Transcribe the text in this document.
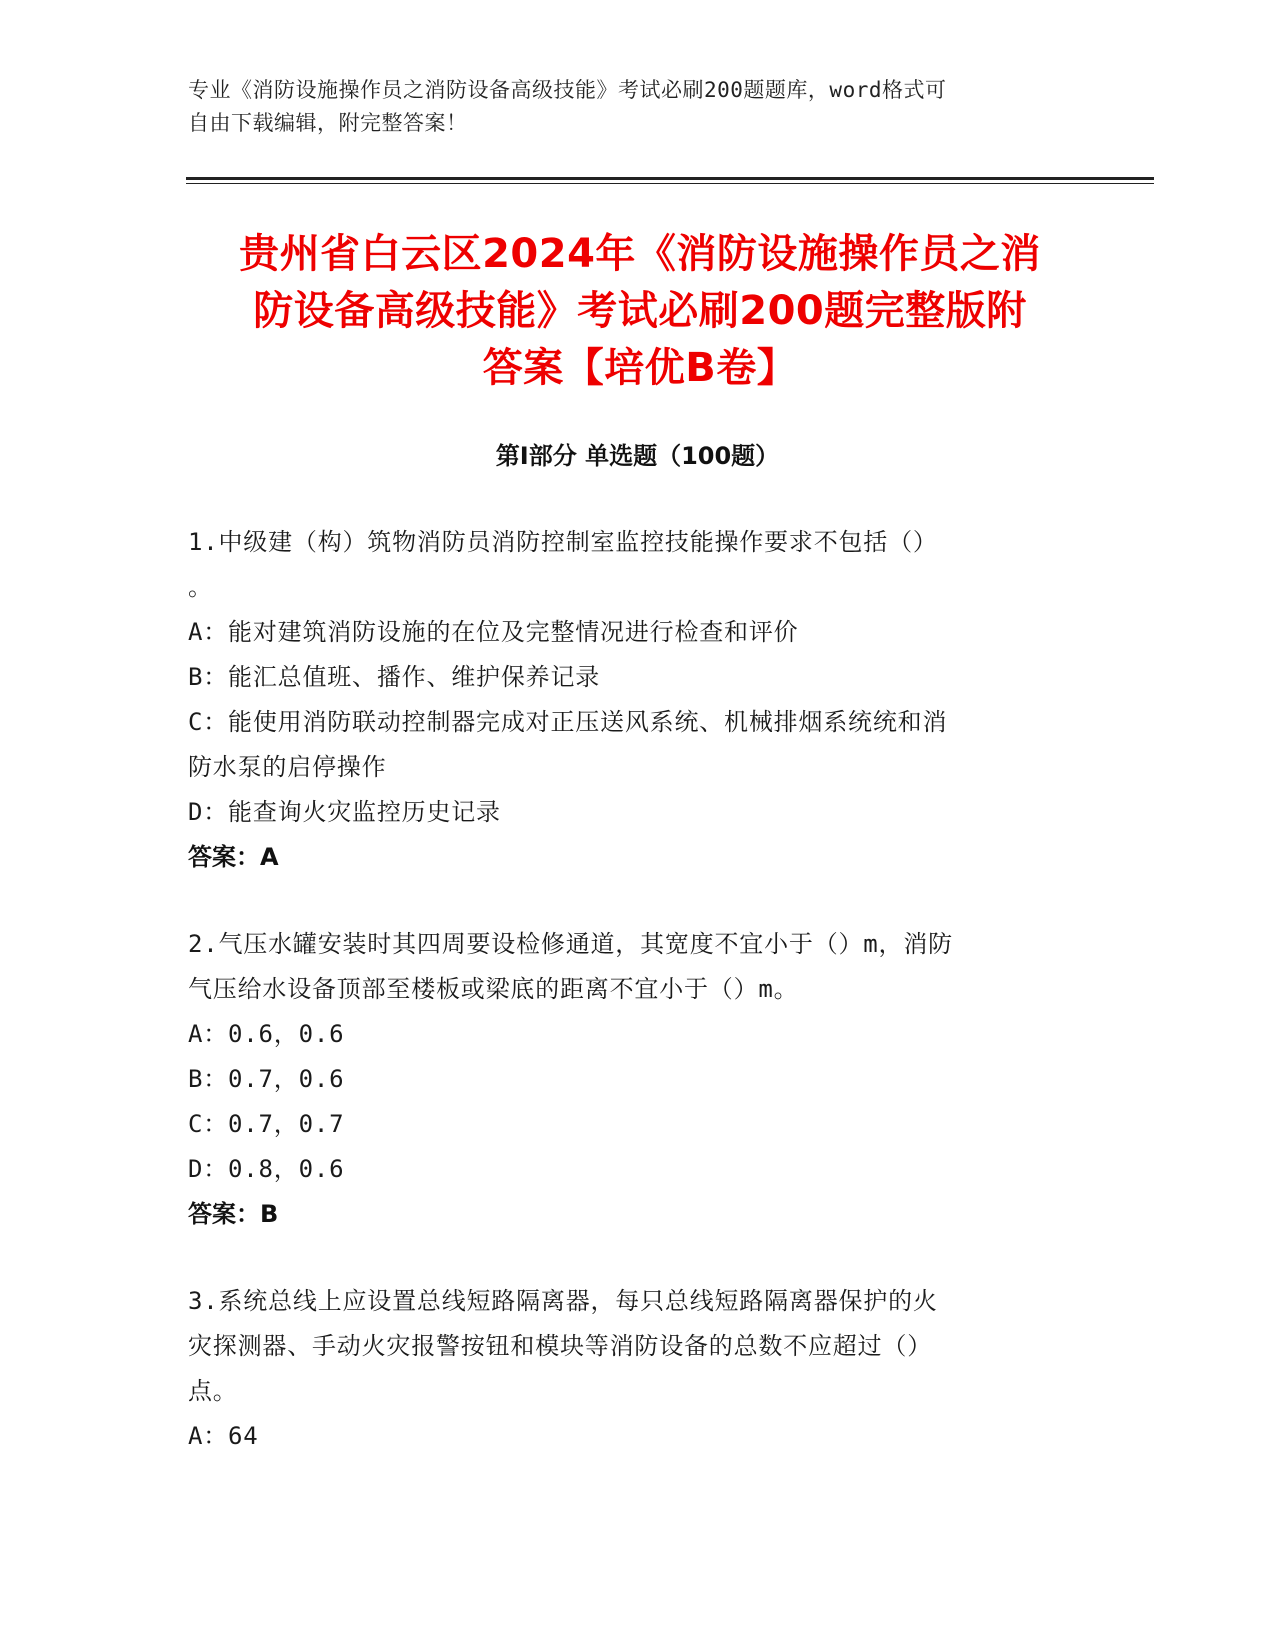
专业《消防设施操作员之消防设备高级技能》考试必刷200题题库，word格式可
自由下载编辑，附完整答案！
贵州省白云区2024年《消防设施操作员之消
防设备高级技能》考试必刷200题完整版附
答案【培优B卷】
第I部分 单选题（100题）

1.中级建（构）筑物消防员消防控制室监控技能操作要求不包括（）

。

A：能对建筑消防设施的在位及完整情况进行检查和评价

B：能汇总值班、播作、维护保养记录

C：能使用消防联动控制器完成对正压送风系统、机械排烟系统统和消

防水泵的启停操作

D：能查询火灾监控历史记录

答案：A

2.气压水罐安装时其四周要设检修通道，其宽度不宜小于（）m，消防

气压给水设备顶部至楼板或梁底的距离不宜小于（）m。

A：0.6，0.6

B：0.7，0.6

C：0.7，0.7

D：0.8，0.6

答案：B

3.系统总线上应设置总线短路隔离器，每只总线短路隔离器保护的火

灾探测器、手动火灾报警按钮和模块等消防设备的总数不应超过（）

点。

A：64
